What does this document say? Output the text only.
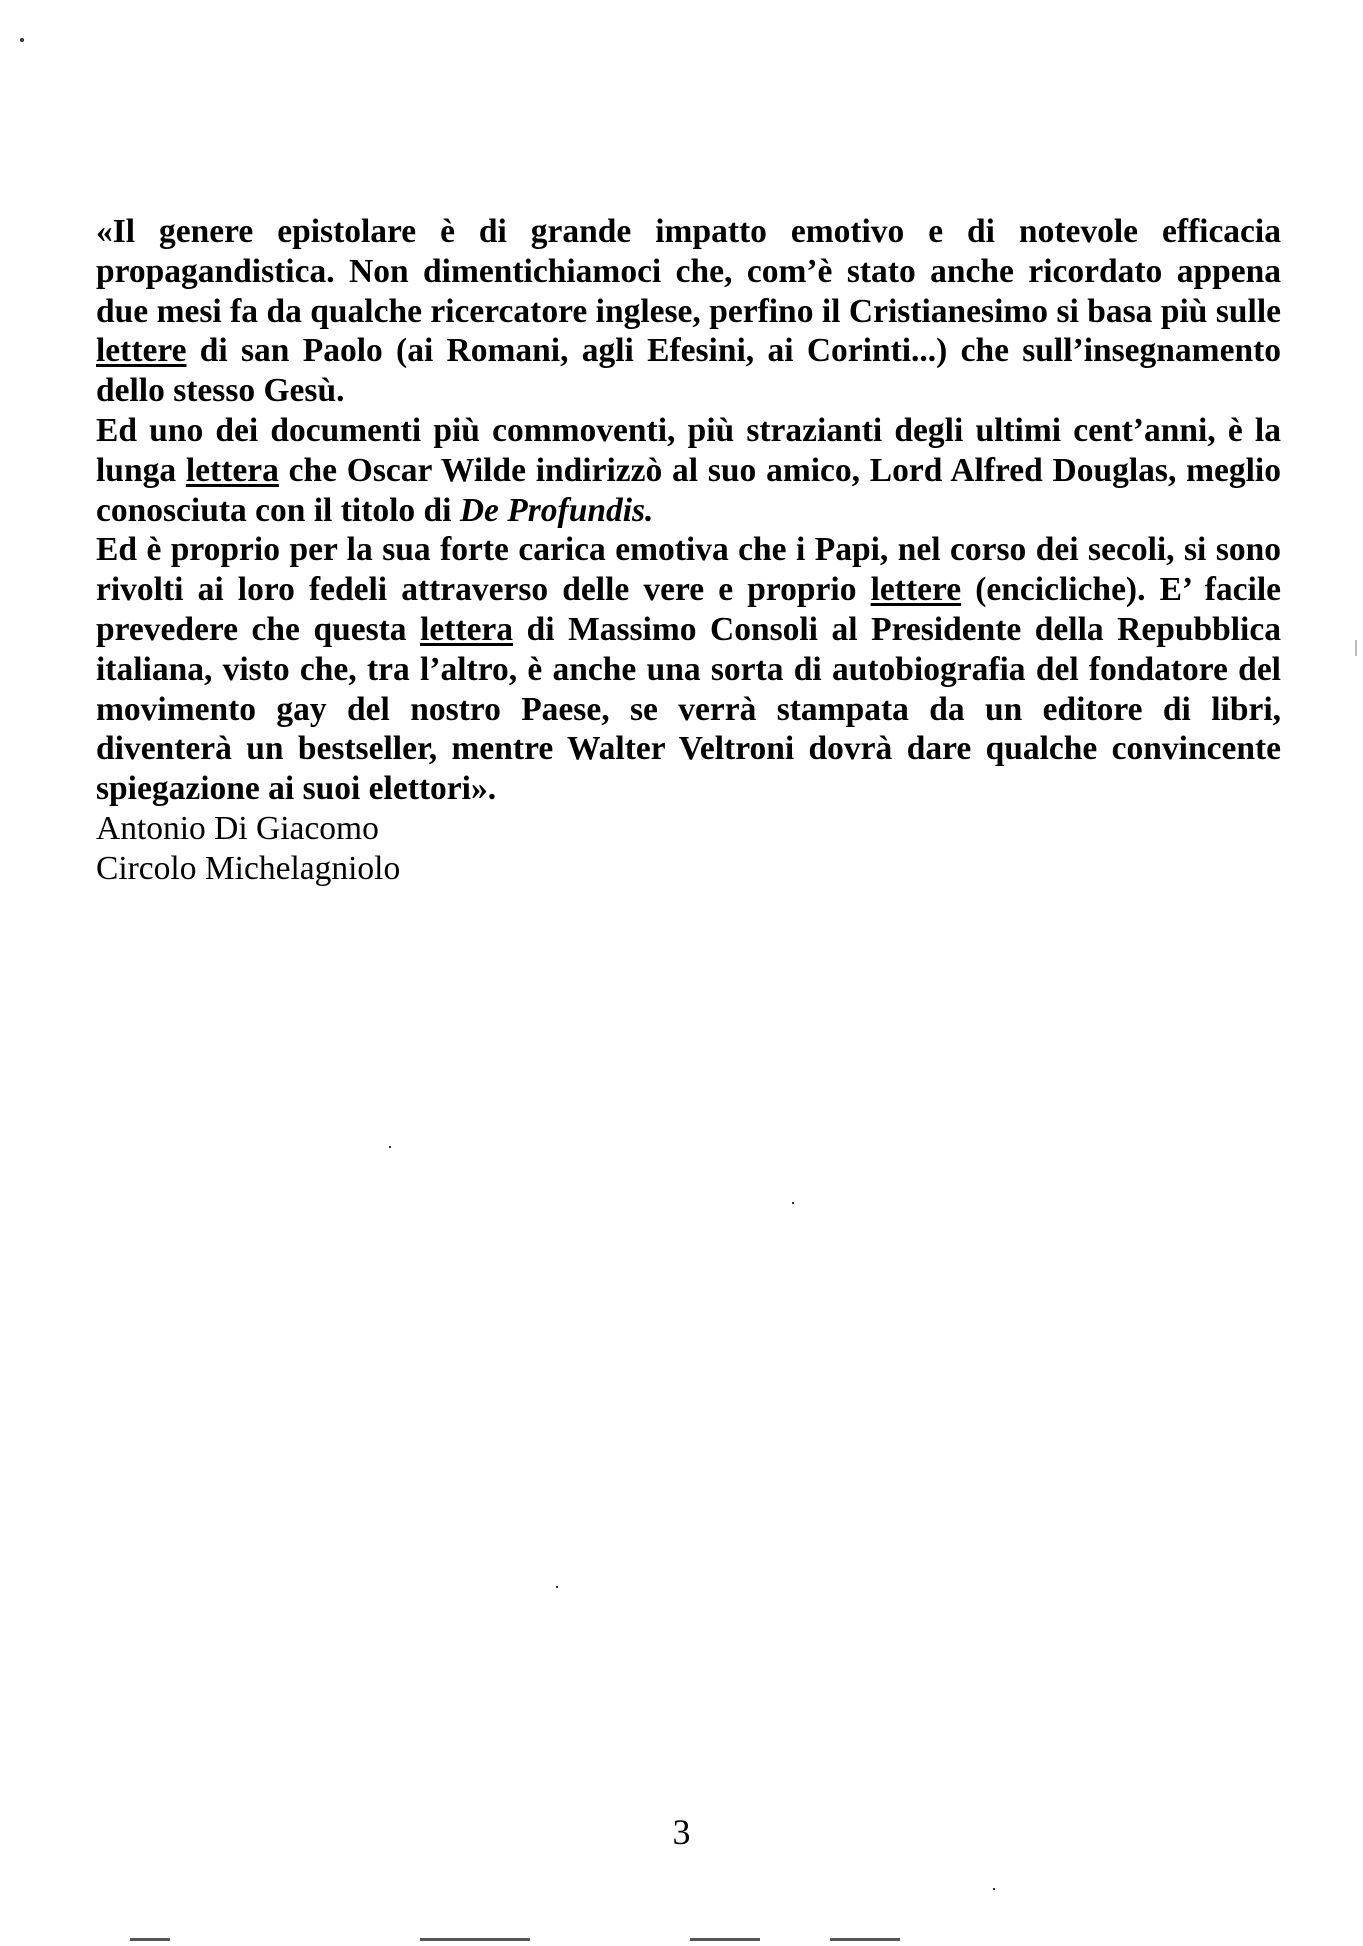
«Il genere epistolare è di grande impatto emotivo e di notevole efficacia propagandistica. Non dimentichiamoci che, com’è stato anche ricordato appena due mesi fa da qualche ricercatore inglese, perfino il Cristianesimo si basa più sulle lettere di san Paolo (ai Romani, agli Efesini, ai Corinti...) che sull’insegnamento dello stesso Gesù.

Ed uno dei documenti più commoventi, più strazianti degli ultimi cent’anni, è la lunga lettera che Oscar Wilde indirizzò al suo amico, Lord Alfred Douglas, meglio conosciuta con il titolo di De Profundis.

Ed è proprio per la sua forte carica emotiva che i Papi, nel corso dei secoli, si sono rivolti ai loro fedeli attraverso delle vere e proprio lettere (encicliche). E’ facile prevedere che questa lettera di Massimo Consoli al Presidente della Repubblica italiana, visto che, tra l’altro, è anche una sorta di autobiografia del fondatore del movimento gay del nostro Paese, se verrà stampata da un editore di libri, diventerà un bestseller, mentre Walter Veltroni dovrà dare qualche convincente spiegazione ai suoi elettori».

Antonio Di Giacomo

Circolo Michelagniolo

3
